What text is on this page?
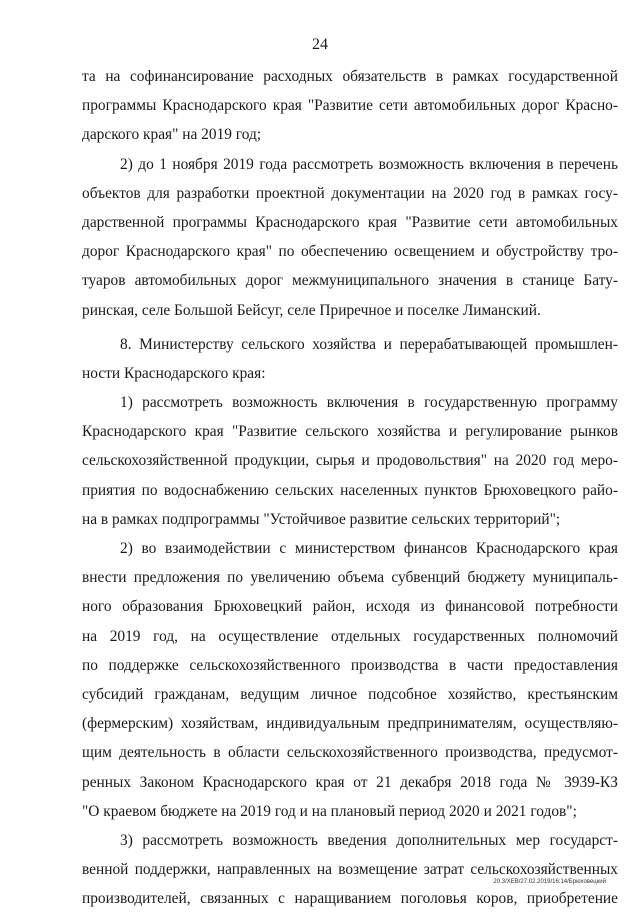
24
та на софинансирование расходных обязательств в рамках государственной
программы Краснодарского края "Развитие сети автомобильных дорог Красно-
дарского края" на 2019 год;
2) до 1 ноября 2019 года рассмотреть возможность включения в перечень
объектов для разработки проектной документации на 2020 год в рамках госу-
дарственной программы Краснодарского края "Развитие сети автомобильных
дорог Краснодарского края" по обеспечению освещением и обустройству тро-
туаров автомобильных дорог межмуниципального значения в станице Бату-
ринская, селе Большой Бейсуг, селе Приречное и поселке Лиманский.
8. Министерству сельского хозяйства и перерабатывающей промышлен-
ности Краснодарского края:
1) рассмотреть возможность включения в государственную программу
Краснодарского края "Развитие сельского хозяйства и регулирование рынков
сельскохозяйственной продукции, сырья и продовольствия" на 2020 год меро-
приятия по водоснабжению сельских населенных пунктов Брюховецкого райо-
на в рамках подпрограммы "Устойчивое развитие сельских территорий";
2) во взаимодействии с министерством финансов Краснодарского края
внести предложения по увеличению объема субвенций бюджету муниципаль-
ного образования Брюховецкий район, исходя из финансовой потребности
на 2019 год, на осуществление отдельных государственных полномочий
по поддержке сельскохозяйственного производства в части предоставления
субсидий гражданам, ведущим личное подсобное хозяйство, крестьянским
(фермерским) хозяйствам, индивидуальным предпринимателям, осуществляю-
щим деятельность в области сельскохозяйственного производства, предусмот-
ренных Законом Краснодарского края от 21 декабря 2018 года № 3939-КЗ
"О краевом бюджете на 2019 год и на плановый период 2020 и 2021 годов";
3) рассмотреть возможность введения дополнительных мер государст-
венной поддержки, направленных на возмещение затрат сельскохозяйственных
производителей, связанных с наращиванием поголовья коров, приобретение
20.3/ХЕВ/27.02.2019/16:14/Брюховецкий
